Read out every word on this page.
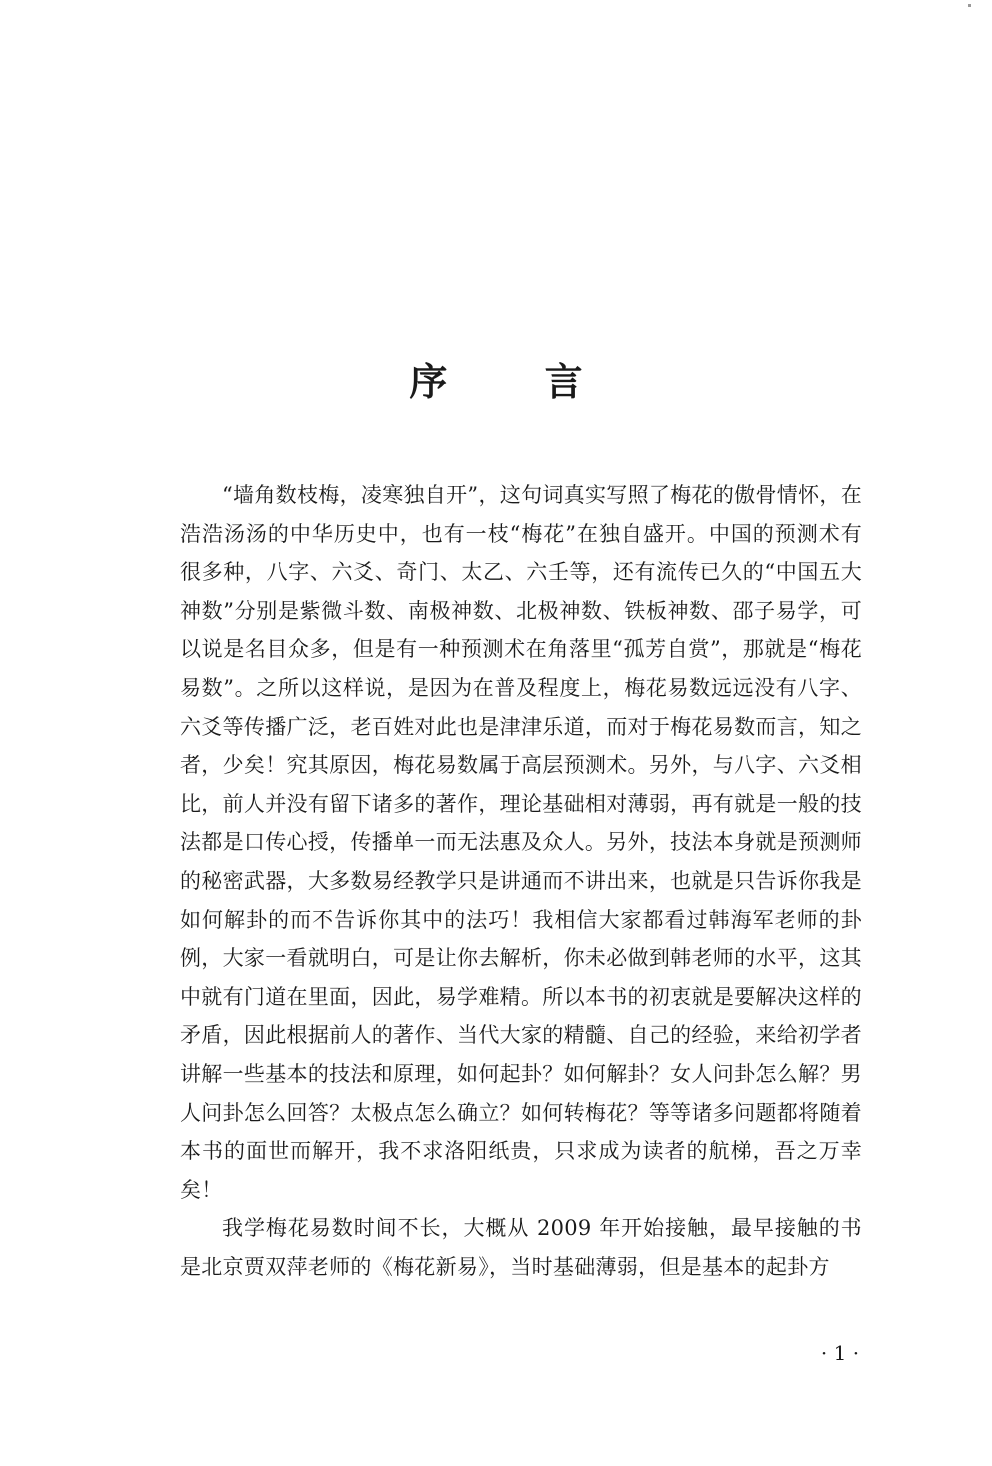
序 言

“墙角数枝梅，凌寒独自开”，这句词真实写照了梅花的傲骨情怀，在浩浩汤汤的中华历史中，也有一枝“梅花”在独自盛开。中国的预测术有很多种，八字、六爻、奇门、太乙、六壬等，还有流传已久的“中国五大神数”分别是紫微斗数、南极神数、北极神数、铁板神数、邵子易学，可以说是名目众多，但是有一种预测术在角落里“孤芳自赏”，那就是“梅花易数”。之所以这样说，是因为在普及程度上，梅花易数远远没有八字、六爻等传播广泛，老百姓对此也是津津乐道，而对于梅花易数而言，知之者，少矣！究其原因，梅花易数属于高层预测术。另外，与八字、六爻相比，前人并没有留下诸多的著作，理论基础相对薄弱，再有就是一般的技法都是口传心授，传播单一而无法惠及众人。另外，技法本身就是预测师的秘密武器，大多数易经教学只是讲通而不讲出来，也就是只告诉你我是如何解卦的而不告诉你其中的法巧！我相信大家都看过韩海军老师的卦例，大家一看就明白，可是让你去解析，你未必做到韩老师的水平，这其中就有门道在里面，因此，易学难精。所以本书的初衷就是要解决这样的矛盾，因此根据前人的著作、当代大家的精髓、自己的经验，来给初学者讲解一些基本的技法和原理，如何起卦？如何解卦？女人问卦怎么解？男人问卦怎么回答？太极点怎么确立？如何转梅花？等等诸多问题都将随着本书的面世而解开，我不求洛阳纸贵，只求成为读者的航梯，吾之万幸矣！

我学梅花易数时间不长，大概从 2009 年开始接触，最早接触的书是北京贾双萍老师的《梅花新易》，当时基础薄弱，但是基本的起卦方

· 1 ·
